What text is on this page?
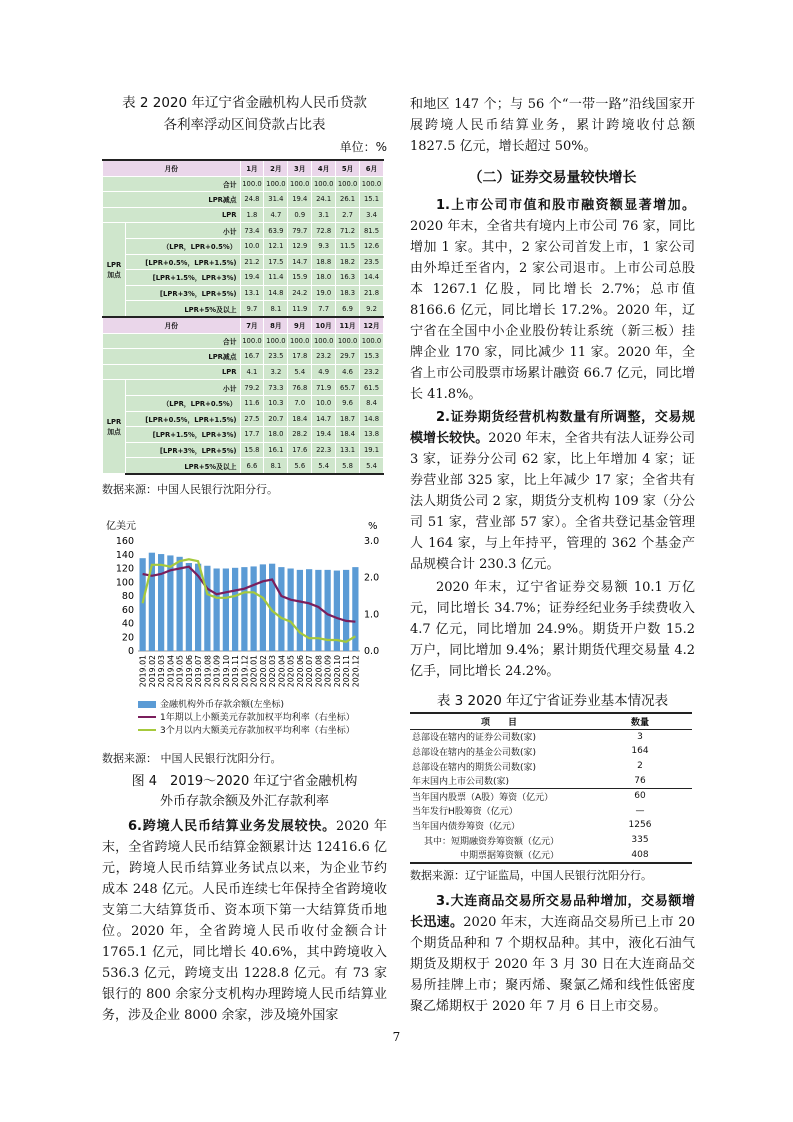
表 2 2020 年辽宁省金融机构人民币贷款
各利率浮动区间贷款占比表
单位：%
月份		1月	2月	3月	4月	5月	6月
合计		100.0	100.0	100.0	100.0	100.0	100.0
LPR减点		24.8	31.4	19.4	24.1	26.1	15.1
LPR		1.8	4.7	0.9	3.1	2.7	3.4
LPR
加点	小计	73.4	63.9	79.7	72.8	71.2	81.5
	（LPR，LPR+0.5%）	10.0	12.1	12.9	9.3	11.5	12.6
	[LPR+0.5%，LPR+1.5%)	21.2	17.5	14.7	18.8	18.2	23.5
	[LPR+1.5%，LPR+3%)	19.4	11.4	15.9	18.0	16.3	14.4
	[LPR+3%，LPR+5%)	13.1	14.8	24.2	19.0	18.3	21.8
	LPR+5%及以上	9.7	8.1	11.9	7.7	6.9	9.2
月份		7月	8月	9月	10月	11月	12月
合计		100.0	100.0	100.0	100.0	100.0	100.0
LPR减点		16.7	23.5	17.8	23.2	29.7	15.3
LPR		4.1	3.2	5.4	4.9	4.6	23.2
LPR
加点	小计	79.2	73.3	76.8	71.9	65.7	61.5
	（LPR，LPR+0.5%）	11.6	10.3	7.0	10.0	9.6	8.4
	[LPR+0.5%，LPR+1.5%)	27.5	20.7	18.4	14.7	18.7	14.8
	[LPR+1.5%，LPR+3%)	17.7	18.0	28.2	19.4	18.4	13.8
	[LPR+3%，LPR+5%)	15.8	16.1	17.6	22.3	13.1	19.1
	LPR+5%及以上	6.6	8.1	5.6	5.4	5.8	5.4
数据来源：中国人民银行沈阳分行。
亿美元	%
0
20
40
60
80
100
120
140
160
0.0
1.0
2.0
3.0
2019.01 2019.02 2019.03 2019.04 2019.05 2019.06 2019.07 2019.08 2019.09 2019.10 2019.11 2019.12 2020.01 2020.02 2020.03 2020.04 2020.05 2020.06 2020.07 2020.08 2020.09 2020.10 2020.11 2020.12
金融机构外币存款余额(左坐标)
1年期以上小额美元存款加权平均利率（右坐标）
3个月以内大额美元存款加权平均利率（右坐标）
数据来源： 中国人民银行沈阳分行。
图 4　2019～2020 年辽宁省金融机构
外币存款余额及外汇存款利率

6.跨境人民币结算业务发展较快。2020 年末，全省跨境人民币结算金额累计达 12416.6 亿元，跨境人民币结算业务试点以来，为企业节约成本 248 亿元。人民币连续七年保持全省跨境收支第二大结算货币、资本项下第一大结算货币地位。2020 年，全省跨境人民币收付金额合计 1765.1 亿元，同比增长 40.6%，其中跨境收入 536.3 亿元，跨境支出 1228.8 亿元。有 73 家银行的 800 余家分支机构办理跨境人民币结算业务，涉及企业 8000 余家，涉及境外国家

和地区 147 个；与 56 个“一带一路”沿线国家开展跨境人民币结算业务，累计跨境收付总额 1827.5 亿元，增长超过 50%。

（二）证券交易量较快增长

1.上市公司市值和股市融资额显著增加。2020 年末，全省共有境内上市公司 76 家，同比增加 1 家。其中，2 家公司首发上市，1 家公司由外埠迁至省内，2 家公司退市。上市公司总股本 1267.1 亿股，同比增长 2.7%；总市值 8166.6 亿元，同比增长 17.2%。2020 年，辽宁省在全国中小企业股份转让系统（新三板）挂牌企业 170 家，同比减少 11 家。2020 年，全省上市公司股票市场累计融资 66.7 亿元，同比增长 41.8%。

2.证券期货经营机构数量有所调整，交易规模增长较快。2020 年末，全省共有法人证券公司 3 家，证券分公司 62 家，比上年增加 4 家；证券营业部 325 家，比上年减少 17 家；全省共有法人期货公司 2 家，期货分支机构 109 家（分公司 51 家，营业部 57 家）。全省共登记基金管理人 164 家，与上年持平，管理的 362 个基金产品规模合计 230.3 亿元。

2020 年末，辽宁省证券交易额 10.1 万亿元，同比增长 34.7%；证券经纪业务手续费收入 4.7 亿元，同比增加 24.9%。期货开户数 15.2 万户，同比增加 9.4%；累计期货代理交易量 4.2 亿手，同比增长 24.2%。

表 3 2020 年辽宁省证券业基本情况表
项　　目	数量
总部设在辖内的证券公司数(家)	3
总部设在辖内的基金公司数(家)	164
总部设在辖内的期货公司数(家)	2
年末国内上市公司数(家)	76
当年国内股票（A股）筹资（亿元）	60
当年发行H股筹资（亿元）	—
当年国内债券筹资（亿元）	1256
其中：短期融资券筹资额（亿元）	335
中期票据筹资额（亿元）	408
数据来源：辽宁证监局，中国人民银行沈阳分行。

3.大连商品交易所交易品种增加，交易额增长迅速。2020 年末，大连商品交易所已上市 20 个期货品种和 7 个期权品种。其中，液化石油气期货及期权于 2020 年 3 月 30 日在大连商品交易所挂牌上市；聚丙烯、聚氯乙烯和线性低密度聚乙烯期权于 2020 年 7 月 6 日上市交易。

7
